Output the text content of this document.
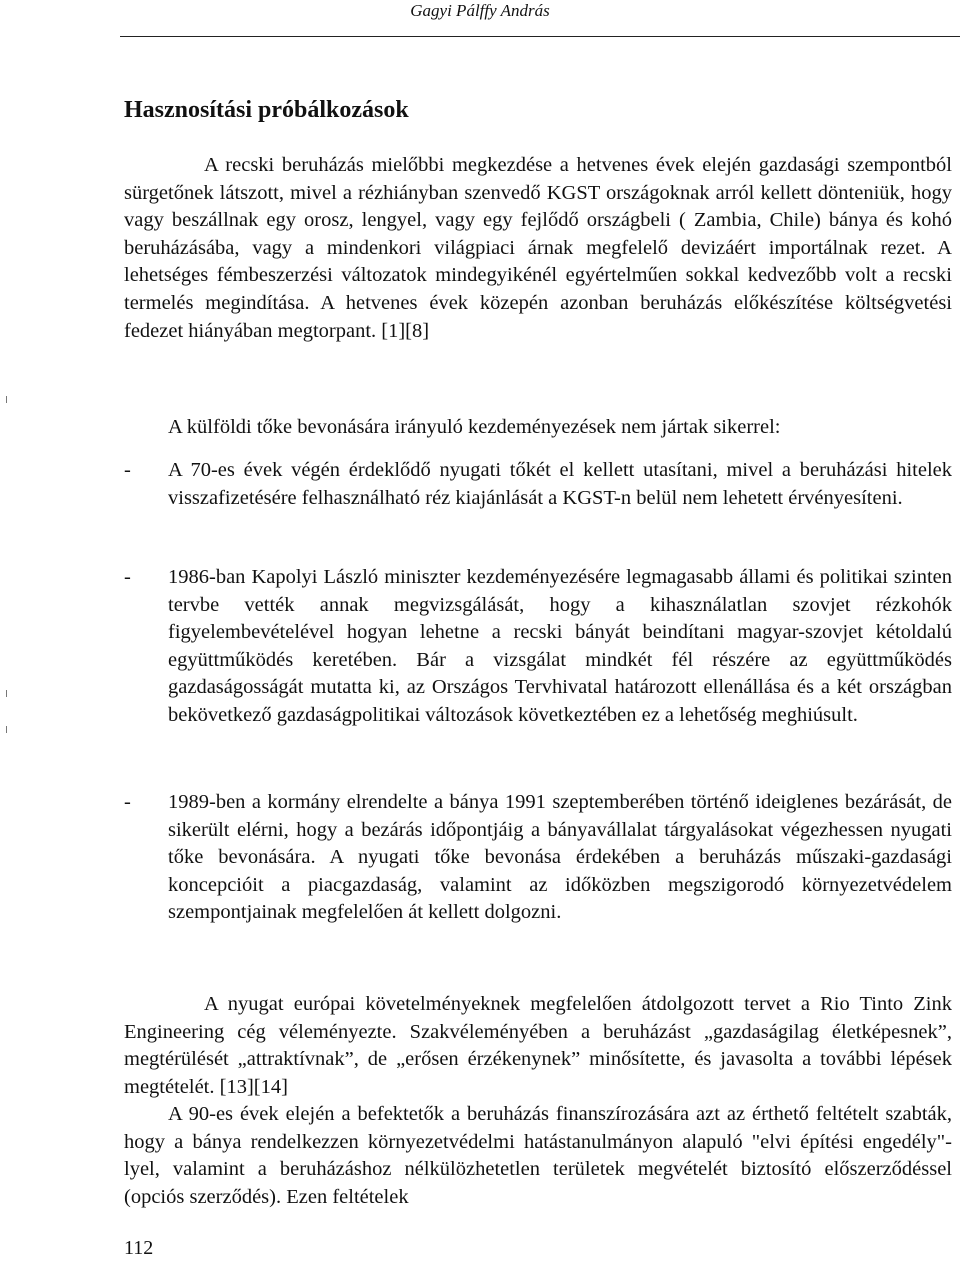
Gagyi Pálffy András
Hasznosítási próbálkozások

A recski beruházás mielőbbi megkezdése a hetvenes évek elején gazdasági szempontból sürgetőnek látszott, mivel a rézhiányban szenvedő KGST országoknak arról kellett dönteniük, hogy vagy beszállnak egy orosz, lengyel, vagy egy fejlődő országbeli ( Zambia, Chile) bánya és kohó beruházásába, vagy a mindenkori világpiaci árnak megfelelő devizáért importálnak rezet. A lehetséges fémbeszerzési változatok mindegyikénél egyértelműen sokkal kedvezőbb volt a recski termelés megindítása. A hetvenes évek közepén azonban beruházás előkészítése költségvetési fedezet hiányában megtorpant. [1][8]

A külföldi tőke bevonására irányuló kezdeményezések nem jártak sikerrel:

- A 70-es évek végén érdeklődő nyugati tőkét el kellett utasítani, mivel a beruházási hitelek visszafizetésére felhasználható réz kiajánlását a KGST-n belül nem lehetett érvényesíteni.
- 1986-ban Kapolyi László miniszter kezdeményezésére legmagasabb állami és politikai szinten tervbe vették annak megvizsgálását, hogy a kihasználatlan szovjet rézkohók figyelembevételével hogyan lehetne a recski bányát beindítani magyar-szovjet kétoldalú együttműködés keretében. Bár a vizsgálat mindkét fél részére az együttműködés gazdaságosságát mutatta ki, az Országos Tervhivatal határozott ellenállása és a két országban bekövetkező gazdaságpolitikai változások következtében ez a lehetőség meghiúsult.
- 1989-ben a kormány elrendelte a bánya 1991 szeptemberében történő ideiglenes bezárását, de sikerült elérni, hogy a bezárás időpontjáig a bányavállalat tárgyalásokat végezhessen nyugati tőke bevonására. A nyugati tőke bevonása érdekében a beruházás műszaki-gazdasági koncepcióit a piacgazdaság, valamint az időközben megszigorodó környezetvédelem szempontjainak megfelelően át kellett dolgozni.

A nyugat európai követelményeknek megfelelően átdolgozott tervet a Rio Tinto Zink Engineering cég véleményezte. Szakvéleményében a beruházást „gazdaságilag életképesnek”, megtérülését „attraktívnak”, de „erősen érzékenynek” minősítette, és javasolta a további lépések megtételét. [13][14]

A 90-es évek elején a befektetők a beruházás finanszírozására azt az érthető feltételt szabták, hogy a bánya rendelkezzen környezetvédelmi hatástanulmányon alapuló "elvi építési engedély"- lyel, valamint a beruházáshoz nélkülözhetetlen területek megvételét biztosító előszerződéssel (opciós szerződés). Ezen feltételek

112
